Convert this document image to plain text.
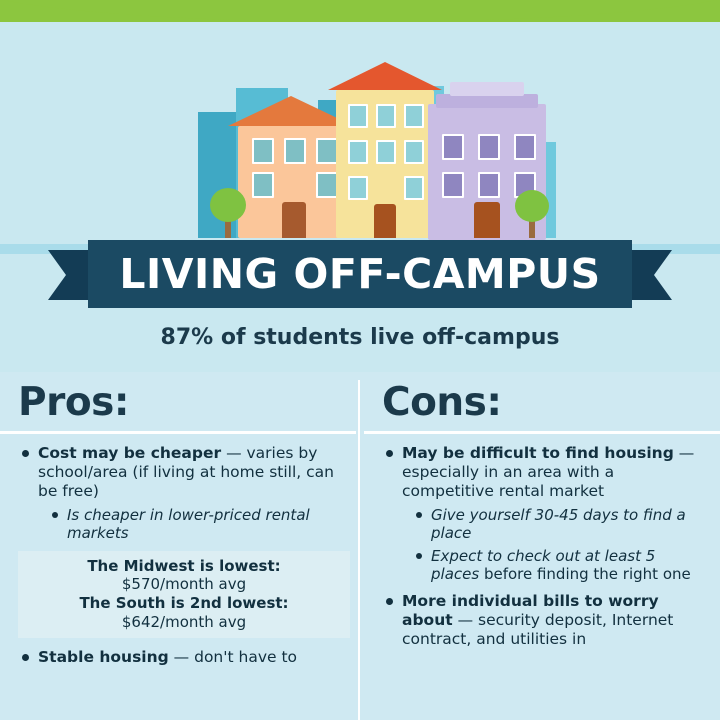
LIVING OFF-CAMPUS
87% of students live off-campus
Pros:
Cost may be cheaper — varies by school/area (if living at home still, can be free)
Is cheaper in lower-priced rental markets
The Midwest is lowest:
$570/month avg
The South is 2nd lowest:
$642/month avg
Stable housing — don't have to
Cons:
May be difficult to find housing — especially in an area with a competitive rental market
Give yourself 30-45 days to find a place
Expect to check out at least 5 places before finding the right one
More individual bills to worry about — security deposit, Internet contract, and utilities in
